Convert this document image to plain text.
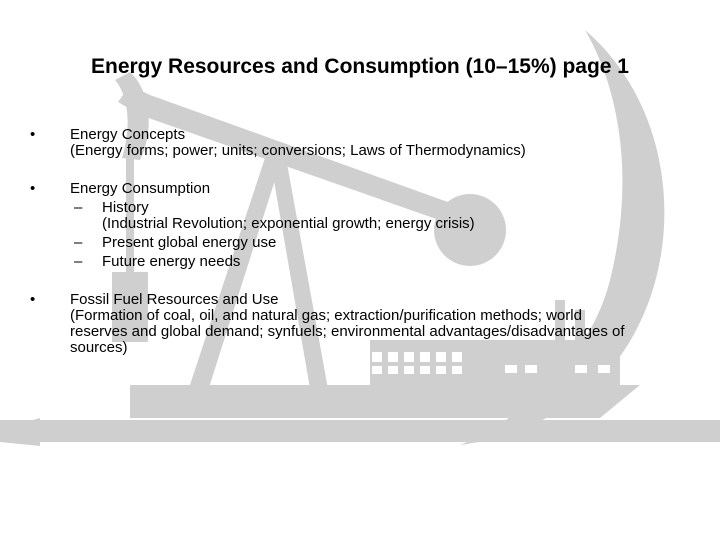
Energy Resources and Consumption (10–15%) page 1
•	Energy Concepts
(Energy forms; power; units; conversions; Laws of Thermodynamics)
•	Energy Consumption
– History
(Industrial Revolution; exponential growth; energy crisis)
– Present global energy use
– Future energy needs
•	Fossil Fuel Resources and Use
(Formation of coal, oil, and natural gas; extraction/purification methods; world
reserves and global demand; synfuels; environmental advantages/disadvantages of
sources)
